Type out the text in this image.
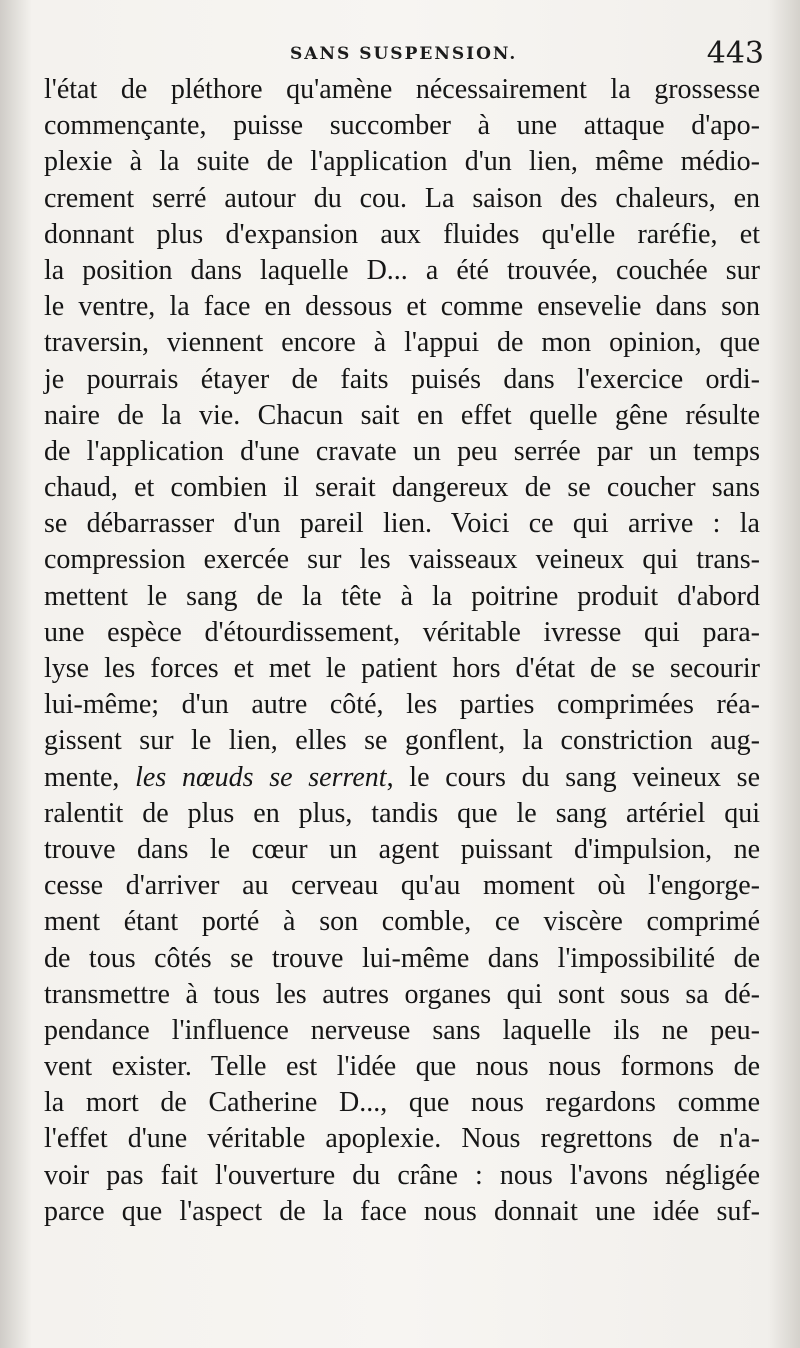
SANS SUSPENSION.	443
l'état de pléthore qu'amène nécessairement la grossesse
commençante, puisse succomber à une attaque d'apo-
plexie à la suite de l'application d'un lien, même médio-
crement serré autour du cou. La saison des chaleurs, en
donnant plus d'expansion aux fluides qu'elle raréfie, et
la position dans laquelle D... a été trouvée, couchée sur
le ventre, la face en dessous et comme ensevelie dans son
traversin, viennent encore à l'appui de mon opinion, que
je pourrais étayer de faits puisés dans l'exercice ordi-
naire de la vie. Chacun sait en effet quelle gêne résulte
de l'application d'une cravate un peu serrée par un temps
chaud, et combien il serait dangereux de se coucher sans
se débarrasser d'un pareil lien. Voici ce qui arrive : la
compression exercée sur les vaisseaux veineux qui trans-
mettent le sang de la tête à la poitrine produit d'abord
une espèce d'étourdissement, véritable ivresse qui para-
lyse les forces et met le patient hors d'état de se secourir
lui-même; d'un autre côté, les parties comprimées réa-
gissent sur le lien, elles se gonflent, la constriction aug-
mente, les nœuds se serrent, le cours du sang veineux se
ralentit de plus en plus, tandis que le sang artériel qui
trouve dans le cœur un agent puissant d'impulsion, ne
cesse d'arriver au cerveau qu'au moment où l'engorge-
ment étant porté à son comble, ce viscère comprimé
de tous côtés se trouve lui-même dans l'impossibilité de
transmettre à tous les autres organes qui sont sous sa dé-
pendance l'influence nerveuse sans laquelle ils ne peu-
vent exister. Telle est l'idée que nous nous formons de
la mort de Catherine D..., que nous regardons comme
l'effet d'une véritable apoplexie. Nous regrettons de n'a-
voir pas fait l'ouverture du crâne : nous l'avons négligée
parce que l'aspect de la face nous donnait une idée suf-
